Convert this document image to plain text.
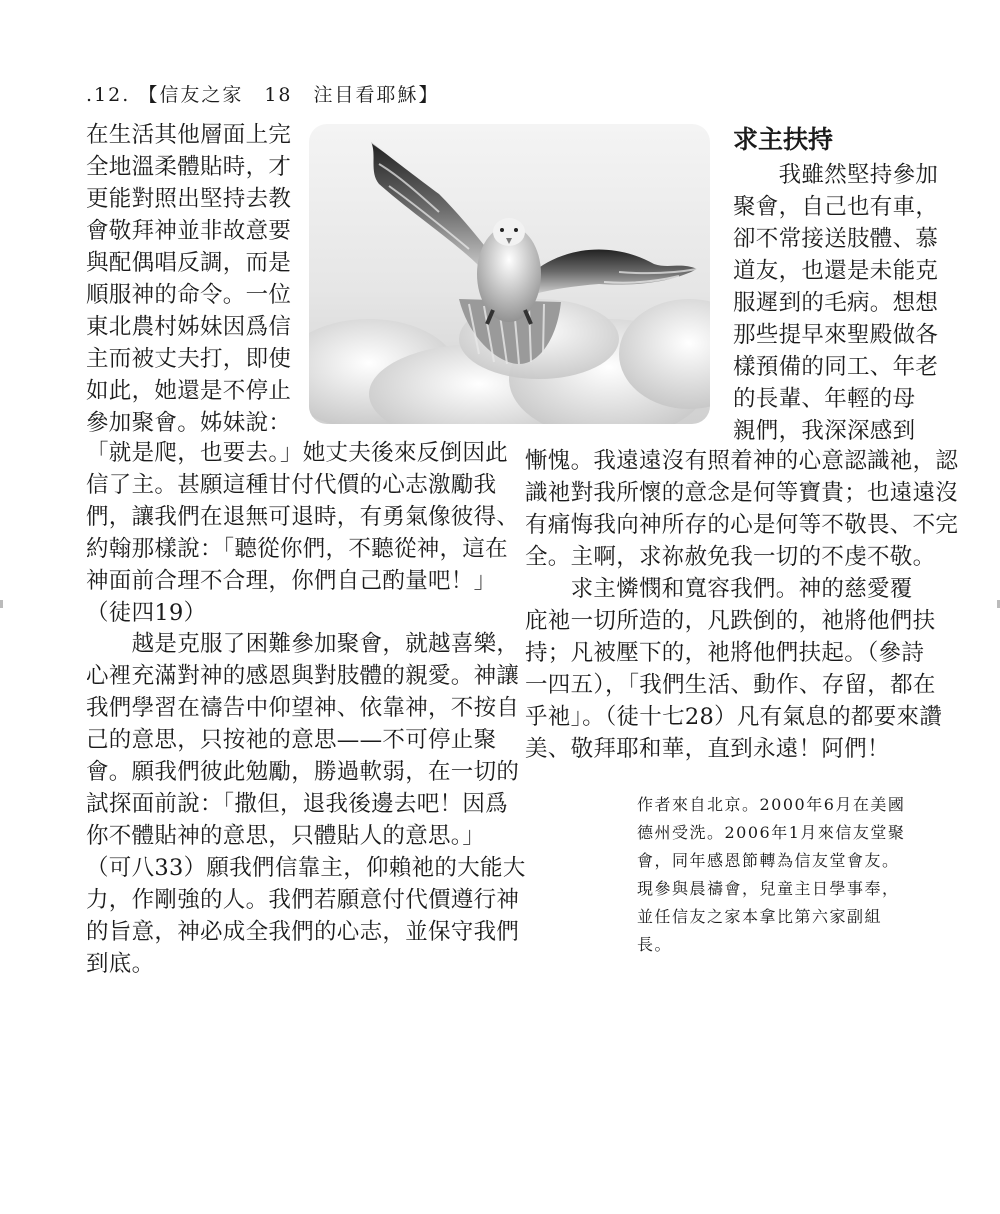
.12. 【信友之家　18　注目看耶穌】
在生活其他層面上完
全地溫柔體貼時，才
更能對照出堅持去教
會敬拜神並非故意要
與配偶唱反調，而是
順服神的命令。一位
東北農村姊妹因爲信
主而被丈夫打，即使
如此，她還是不停止
參加聚會。姊妹說：
「就是爬，也要去。」她丈夫後來反倒因此
信了主。甚願這種甘付代價的心志激勵我
們，讓我們在退無可退時，有勇氣像彼得、
約翰那樣說：「聽從你們，不聽從神，這在
神面前合理不合理，你們自己酌量吧！」
（徒四19）
　　越是克服了困難參加聚會，就越喜樂，
心裡充滿對神的感恩與對肢體的親愛。神讓
我們學習在禱告中仰望神、依靠神，不按自
己的意思，只按祂的意思——不可停止聚
會。願我們彼此勉勵，勝過軟弱，在一切的
試探面前說：「撒但，退我後邊去吧！因爲
你不體貼神的意思，只體貼人的意思。」
（可八33）願我們信靠主，仰賴祂的大能大
力，作剛強的人。我們若願意付代價遵行神
的旨意，神必成全我們的心志，並保守我們
到底。
求主扶持
　　我雖然堅持參加
聚會，自己也有車，
卻不常接送肢體、慕
道友，也還是未能克
服遲到的毛病。想想
那些提早來聖殿做各
樣預備的同工、年老
的長輩、年輕的母
親們，我深深感到
慚愧。我遠遠沒有照着神的心意認識祂，認
識祂對我所懷的意念是何等寶貴；也遠遠沒
有痛悔我向神所存的心是何等不敬畏、不完
全。主啊，求祢赦免我一切的不虔不敬。
　　求主憐憫和寬容我們。神的慈愛覆
庇祂一切所造的，凡跌倒的，祂將他們扶
持；凡被壓下的，祂將他們扶起。（參詩
一四五），「我們生活、動作、存留，都在
乎祂」。（徒十七28）凡有氣息的都要來讚
美、敬拜耶和華，直到永遠！阿們！
作者來自北京。2000年6月在美國
德州受洗。2006年1月來信友堂聚
會，同年感恩節轉為信友堂會友。
現參與晨禱會，兒童主日學事奉，
並任信友之家本拿比第六家副組
長。
